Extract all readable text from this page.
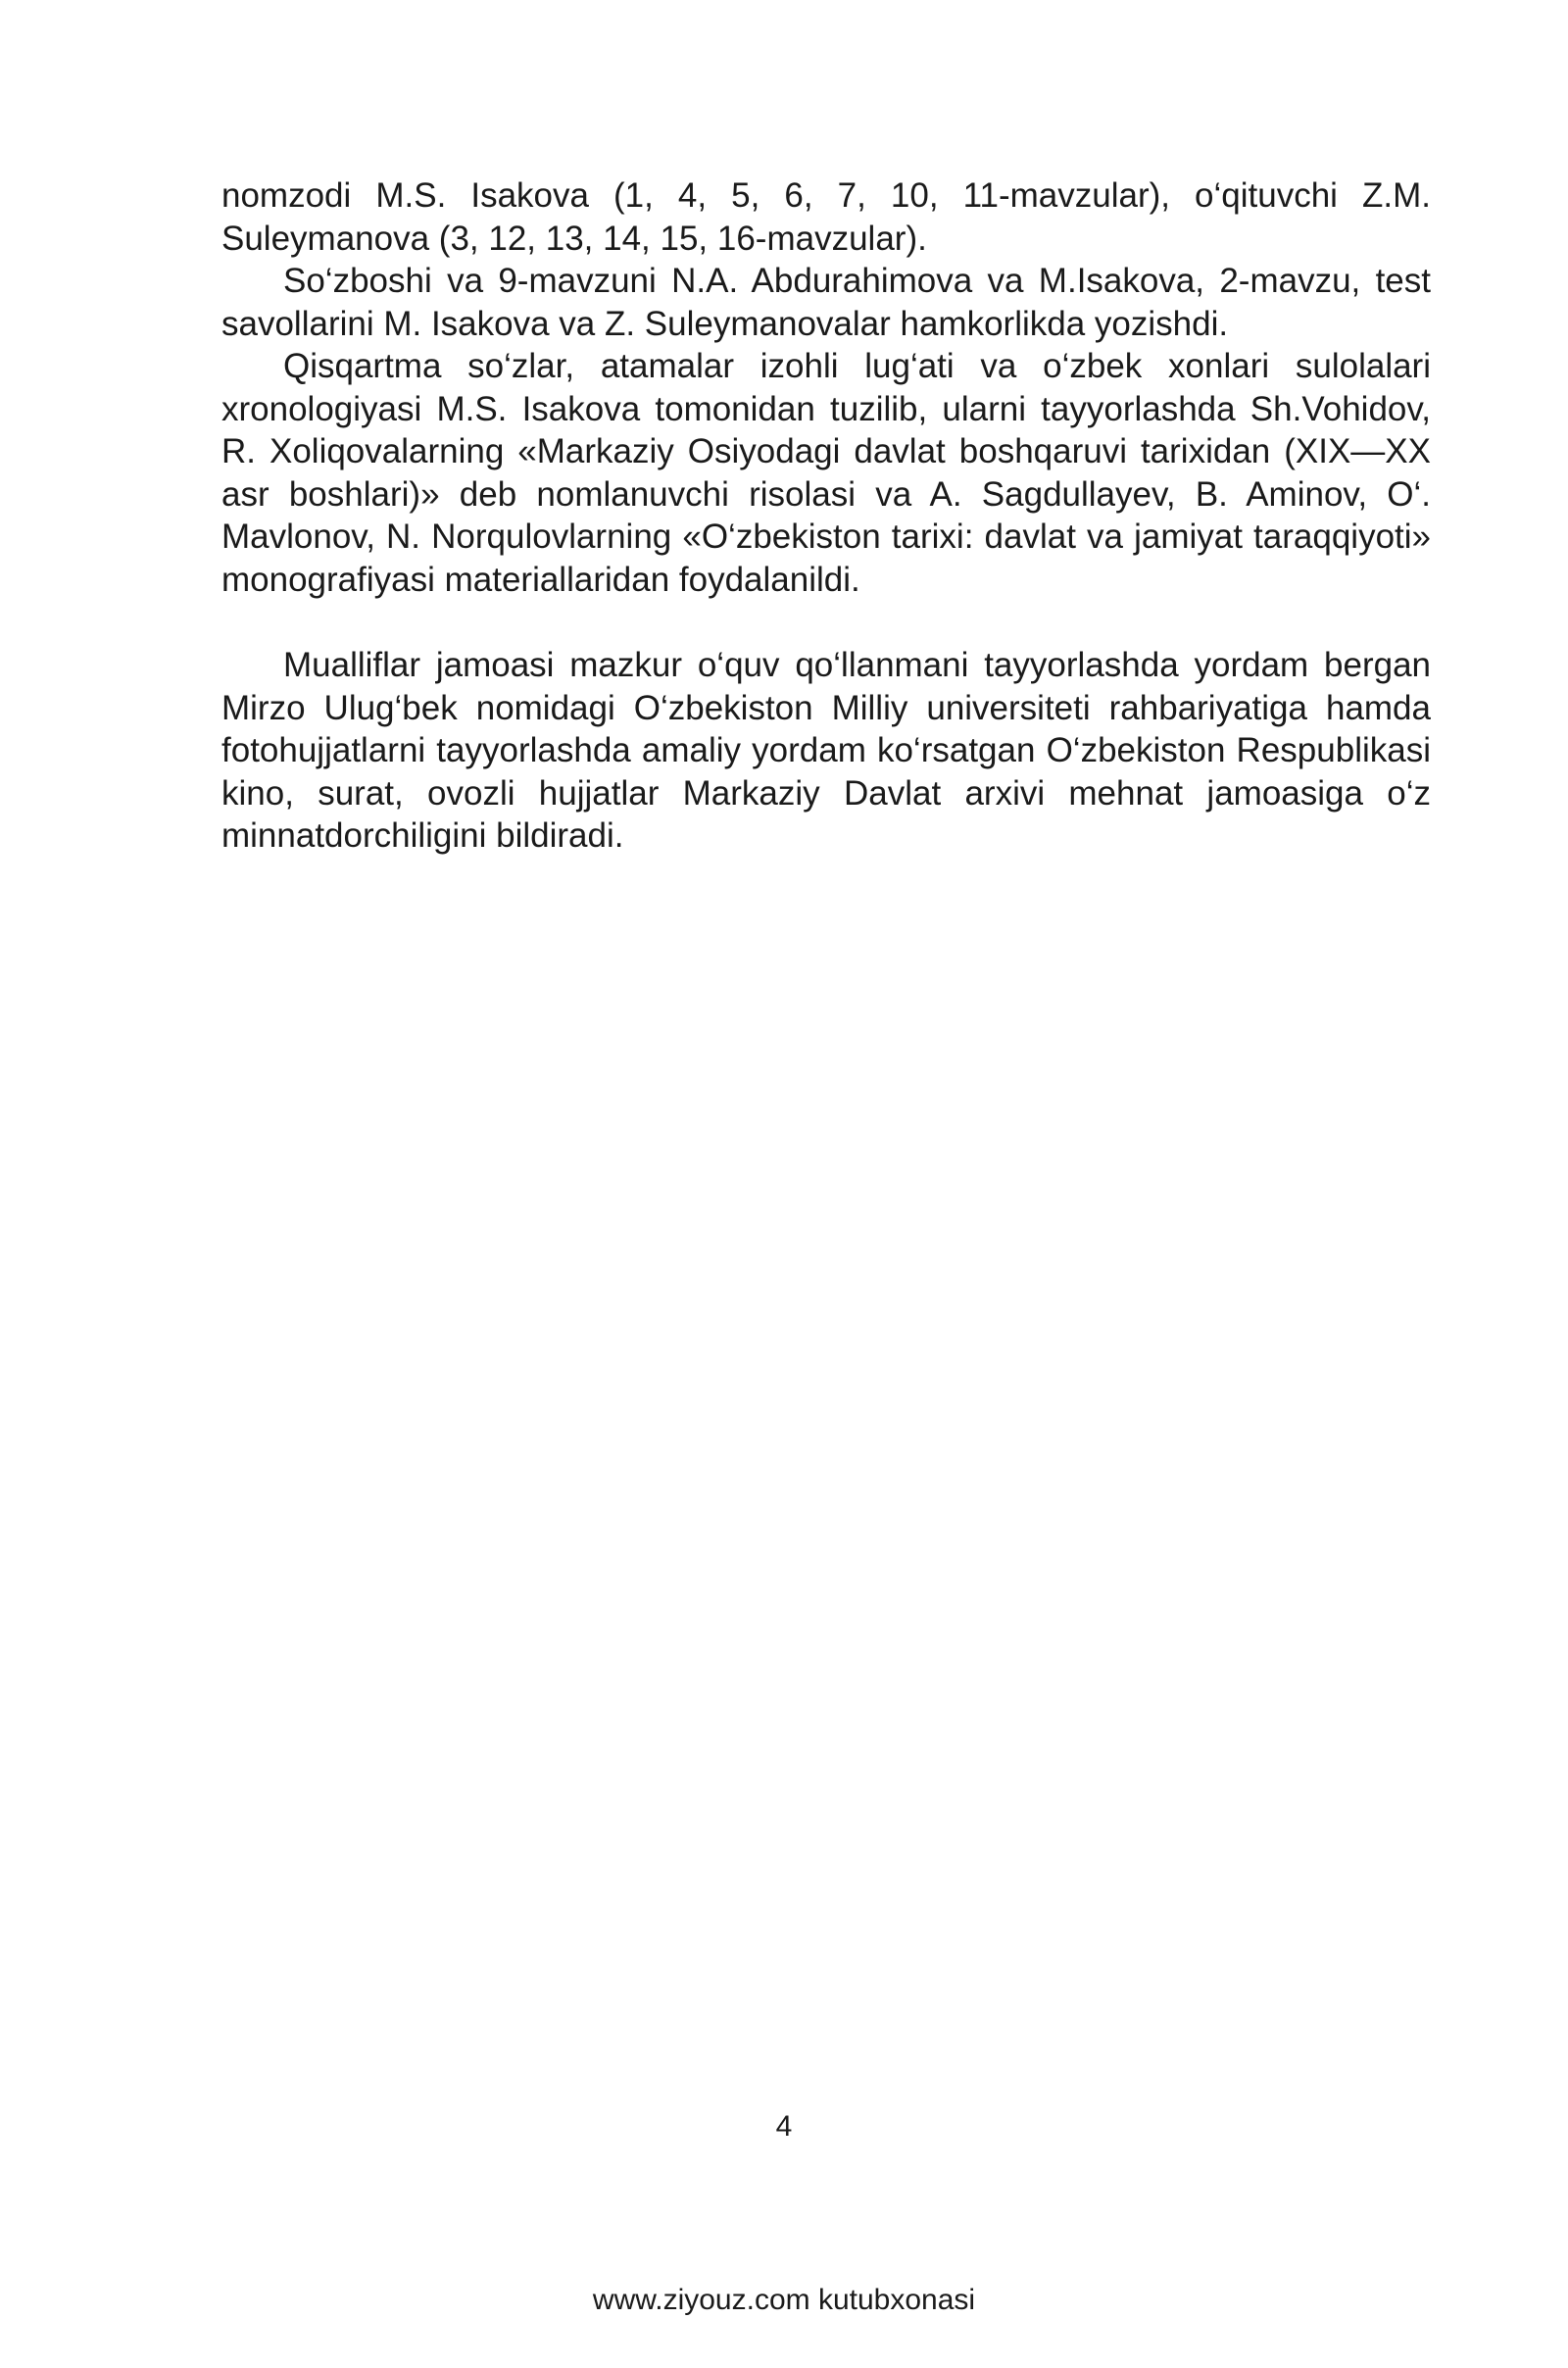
nomzodi M.S. Isakova (1, 4, 5, 6, 7, 10, 11-mavzular), o‘qituvchi Z.M. Suleymanova (3, 12, 13, 14, 15, 16-mavzular).

So‘zboshi va 9-mavzuni N.A. Abdurahimova va M.Isakova, 2-mavzu, test savollarini M. Isakova va Z. Suleymanovalar hamkorlikda yozishdi.

Qisqartma so‘zlar, atamalar izohli lug‘ati va o‘zbek xonlari sulolalari xronologiyasi M.S. Isakova tomonidan tuzilib, ularni tayyorlashda Sh.Vohidov, R. Xoliqovalarning «Markaziy Osiyodagi davlat boshqaruvi tarixidan (XIX—XX asr boshlari)» deb nomlanuvchi risolasi va A. Sagdullayev, B. Aminov, O‘. Mavlonov, N. Norqulovlarning «O‘zbekiston tarixi: davlat va jamiyat taraqqiyoti» monografiyasi materiallaridan foydalanildi.

Mualliflar jamoasi mazkur o‘quv qo‘llanmani tayyorlashda yordam bergan Mirzo Ulug‘bek nomidagi O‘zbekiston Milliy universiteti rahbariyatiga hamda fotohujjatlarni tayyorlashda amaliy yordam ko‘rsatgan O‘zbekiston Respublikasi kino, surat, ovozli hujjatlar Markaziy Davlat arxivi mehnat jamoasiga o‘z minnatdorchiligini bildiradi.

4
www.ziyouz.com kutubxonasi
